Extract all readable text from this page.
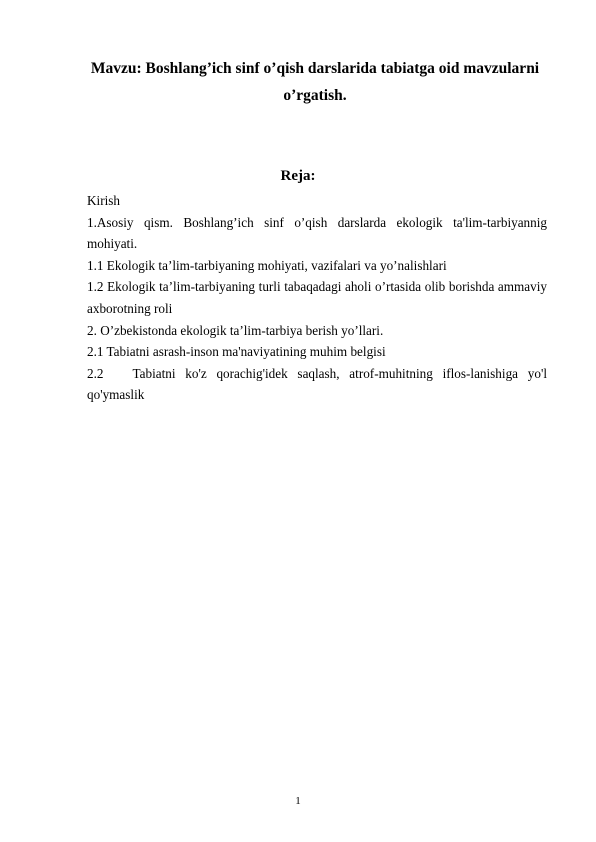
Mavzu: Boshlang’ich sinf o’qish darslarida tabiatga oid mavzularni o’rgatish.
Reja:

Kirish

1.Asosiy qism. Boshlang’ich sinf o’qish darslarda ekologik ta'lim-tarbiyannig mohiyati.

1.1 Ekologik ta’lim-tarbiyaning mohiyati, vazifalari va yo’nalishlari

1.2 Ekologik ta’lim-tarbiyaning turli tabaqadagi aholi o’rtasida olib borishda ammaviy axborotning roli

2. O’zbekistonda ekologik ta’lim-tarbiya berish yo’llari.

2.1 Tabiatni asrash-inson ma'naviyatining muhim belgisi

2.2   Tabiatni ko'z qorachig'idek saqlash, atrof-muhitning iflos-lanishiga yo'l qo'ymaslik

1
